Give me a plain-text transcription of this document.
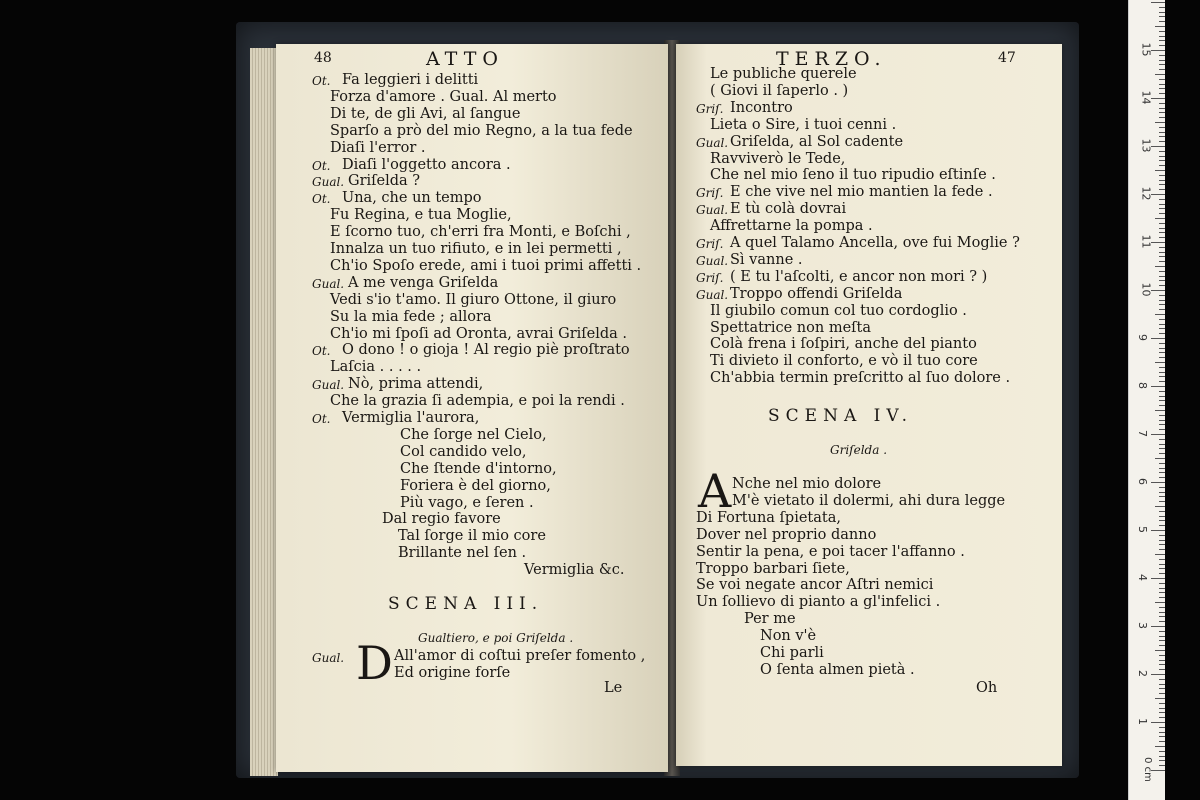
48	ATTO
Ot. Fa leggieri i delitti
Forza d'amore . Gual. Al merto
Di te, de gli Avi, al ſangue
Sparſo a prò del mio Regno, a la tua fede
Diaſi l'error .
Ot. Diaſi l'oggetto ancora .
Gual. Griſelda ?
Ot. Una, che un tempo
Fu Regina, e tua Moglie,
E ſcorno tuo, ch'erri fra Monti, e Boſchi ,
Innalza un tuo rifiuto, e in lei permetti ,
Ch'io Spoſo erede, ami i tuoi primi affetti .
Gual. A me venga Griſelda
Vedi s'io t'amo. Il giuro Ottone, il giuro
Su la mia fede ; allora
Ch'io mi ſpoſi ad Oronta, avrai Griſelda .
Ot. O dono ! o gioja ! Al regio piè proſtrato
Laſcia . . . . .
Gual. Nò, prima attendi,
Che la grazia ſi adempia, e poi la rendi .
Ot. Vermiglia l'aurora,
Che ſorge nel Cielo,
Col candido velo,
Che ſtende d'intorno,
Foriera è del giorno,
Più vago, e ſeren .
Dal regio favore
Tal ſorge il mio core
Brillante nel ſen .
Vermiglia &c.
SCENA III.
Gualtiero, e poi Griſelda .
Gual. D All'amor di coſtui preſer fomento ,
Ed origine forſe
Le
TERZO.	47
Le publiche querele
( Giovi il ſaperlo . )
Griſ. Incontro
Lieta o Sire, i tuoi cenni .
Gual. Griſelda, al Sol cadente
Ravviverò le Tede,
Che nel mio ſeno il tuo ripudio eſtinſe .
Griſ. E che vive nel mio mantien la fede .
Gual. E tù colà dovrai
Affrettarne la pompa .
Griſ. A quel Talamo Ancella, ove fui Moglie ?
Gual. Sì vanne .
Griſ. ( E tu l'aſcolti, e ancor non mori ? )
Gual. Troppo offendi Griſelda
Il giubilo comun col tuo cordoglio .
Spettatrice non meſta
Colà frena i ſoſpiri, anche del pianto
Ti divieto il conforto, e vò il tuo core
Ch'abbia termin preſcritto al ſuo dolore .
SCENA IV.
Griſelda .
A Nche nel mio dolore
M'è vietato il dolermi, ahi dura legge
Di Fortuna ſpietata,
Dover nel proprio danno
Sentir la pena, e poi tacer l'affanno .
Troppo barbari ſiete,
Se voi negate ancor Aſtri nemici
Un ſollievo di pianto a gl'infelici .
Per me
Non v'è
Chi parli
O ſenta almen pietà .
Oh
1
2
3
4
5
6
7
8
9
10
11
12
13
14
15
0 cm
